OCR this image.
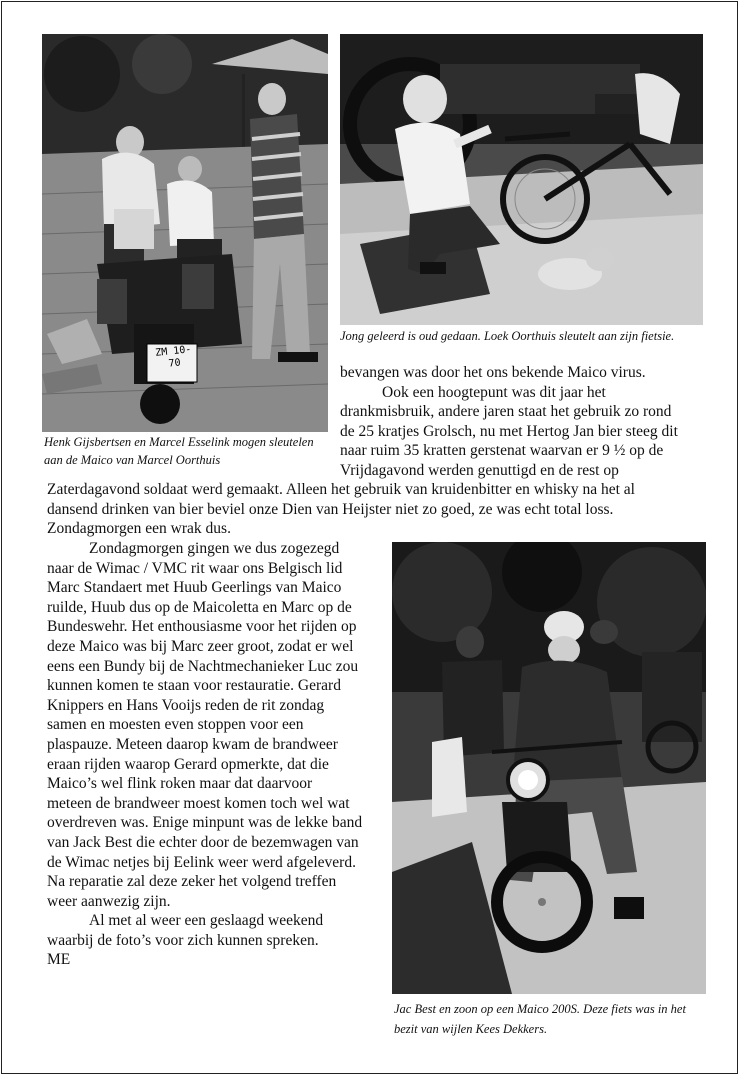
ZM 10-70
Jong geleerd is oud gedaan. Loek Oorthuis sleutelt aan zijn fietsie.
Henk Gijsbertsen en Marcel Esselink mogen sleutelen aan de Maico van Marcel Oorthuis

bevangen was door het ons bekende Maico virus.

Ook een hoogtepunt was dit jaar het

drankmisbruik, andere jaren staat het gebruik zo rond

de 25 kratjes Grolsch, nu met Hertog Jan bier steeg dit

naar ruim 35 kratten gerstenat waarvan er 9 ½ op de

Vrijdagavond werden genuttigd en de rest op

Zaterdagavond soldaat werd gemaakt. Alleen het gebruik van kruidenbitter en whisky na het al

dansend drinken van bier beviel onze Dien van Heijster niet zo goed, ze was echt total loss.

Zondagmorgen een wrak dus.

Zondagmorgen gingen we dus zogezegd

naar de Wimac / VMC rit waar ons Belgisch lid

Marc Standaert met Huub Geerlings van Maico

ruilde, Huub dus op de Maicoletta en Marc op de

Bundeswehr. Het enthousiasme voor het rijden op

deze Maico was bij Marc zeer groot, zodat er wel

eens een Bundy bij de Nachtmechanieker Luc zou

kunnen komen te staan voor restauratie. Gerard

Knippers en Hans Vooijs reden de rit zondag

samen en moesten even stoppen voor een

plaspauze. Meteen daarop kwam de brandweer

eraan rijden waarop Gerard opmerkte, dat die

Maico’s wel flink roken maar dat daarvoor

meteen de brandweer moest komen toch wel wat

overdreven was. Enige minpunt was de lekke band

van Jack Best die echter door de bezemwagen van

de Wimac netjes bij Eelink weer werd afgeleverd.

Na reparatie zal deze zeker het volgend treffen

weer aanwezig zijn.

Al met al weer een geslaagd weekend

waarbij de foto’s voor zich kunnen spreken.

ME

Jac Best en zoon op een Maico 200S. Deze fiets was in het bezit van wijlen Kees Dekkers.
